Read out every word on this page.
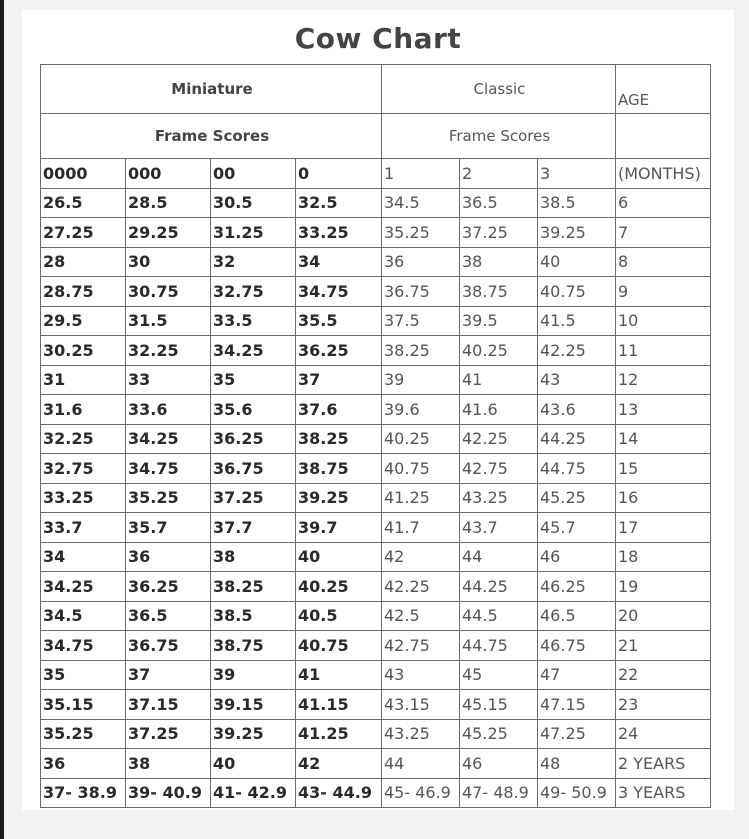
Cow Chart
Miniature				Classic			AGE
Frame Scores				Frame Scores			
0000	000	00	0	1	2	3	(MONTHS)
26.5	28.5	30.5	32.5	34.5	36.5	38.5	6
27.25	29.25	31.25	33.25	35.25	37.25	39.25	7
28	30	32	34	36	38	40	8
28.75	30.75	32.75	34.75	36.75	38.75	40.75	9
29.5	31.5	33.5	35.5	37.5	39.5	41.5	10
30.25	32.25	34.25	36.25	38.25	40.25	42.25	11
31	33	35	37	39	41	43	12
31.6	33.6	35.6	37.6	39.6	41.6	43.6	13
32.25	34.25	36.25	38.25	40.25	42.25	44.25	14
32.75	34.75	36.75	38.75	40.75	42.75	44.75	15
33.25	35.25	37.25	39.25	41.25	43.25	45.25	16
33.7	35.7	37.7	39.7	41.7	43.7	45.7	17
34	36	38	40	42	44	46	18
34.25	36.25	38.25	40.25	42.25	44.25	46.25	19
34.5	36.5	38.5	40.5	42.5	44.5	46.5	20
34.75	36.75	38.75	40.75	42.75	44.75	46.75	21
35	37	39	41	43	45	47	22
35.15	37.15	39.15	41.15	43.15	45.15	47.15	23
35.25	37.25	39.25	41.25	43.25	45.25	47.25	24
36	38	40	42	44	46	48	2 YEARS
37- 38.9	39- 40.9	41- 42.9	43- 44.9	45- 46.9	47- 48.9	49- 50.9	3 YEARS
